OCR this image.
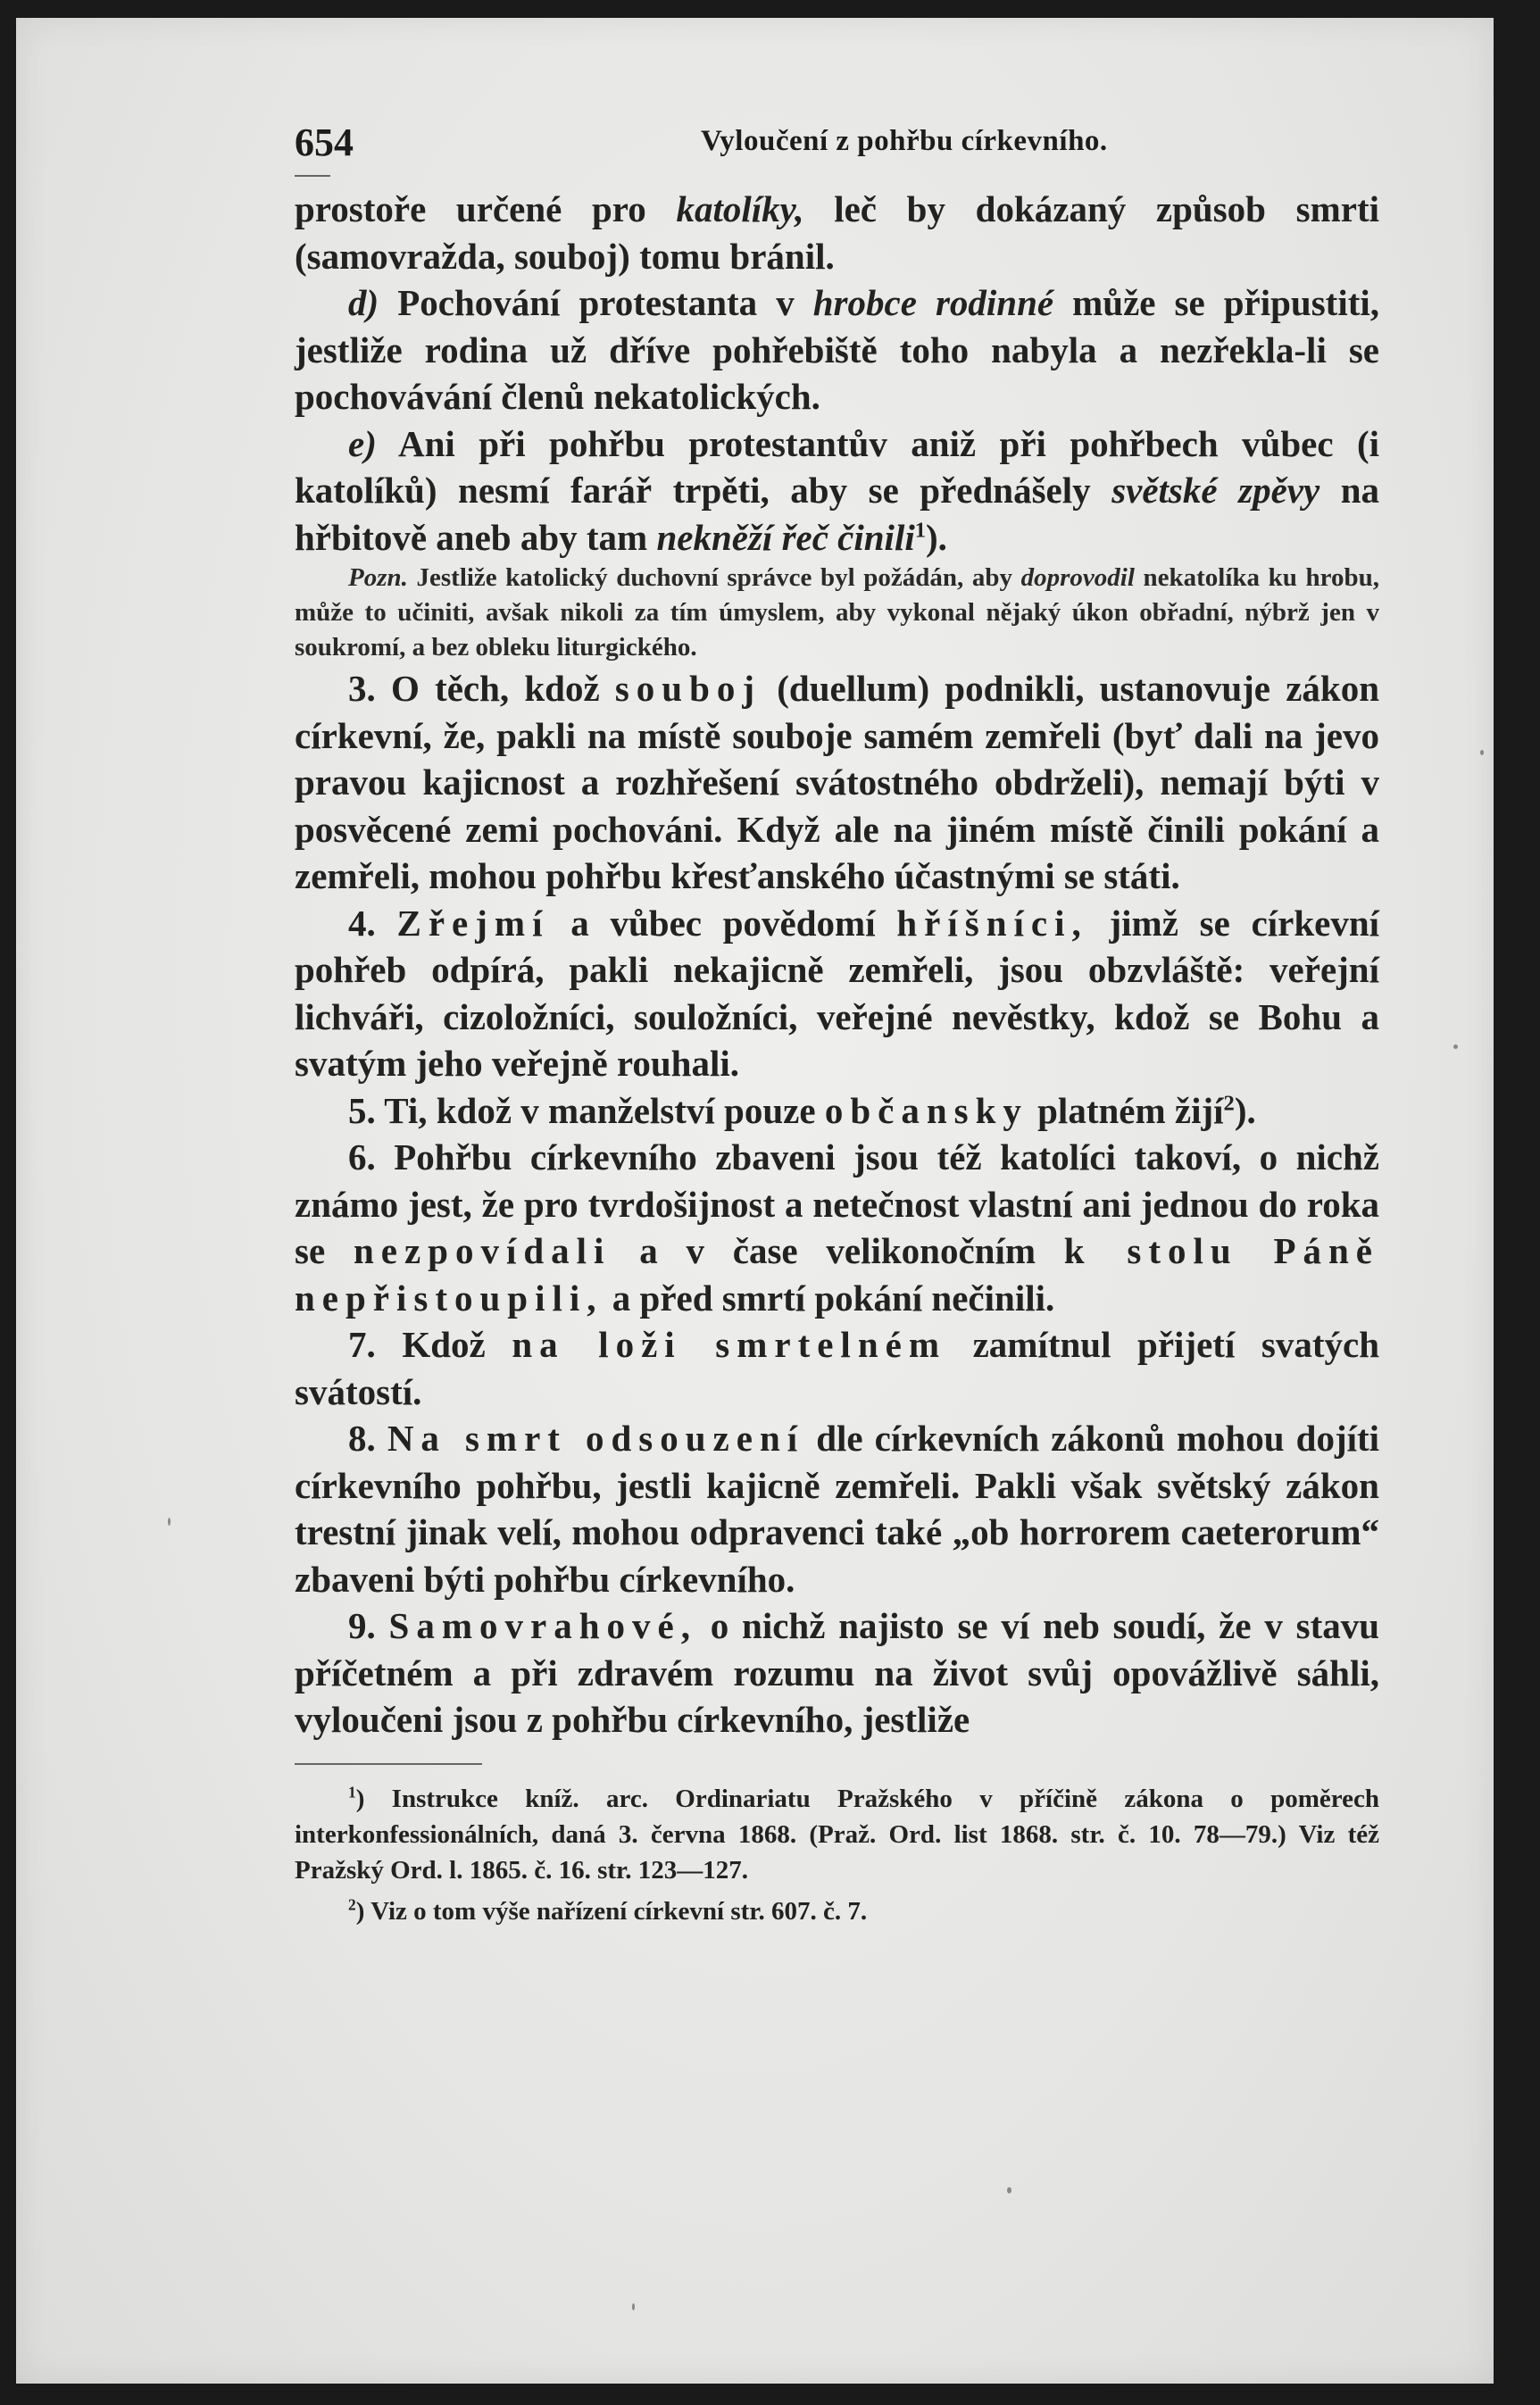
654	Vyloučení z pohřbu církevního.

prostoře určené pro katolíky, leč by dokázaný způsob smrti (samovražda, souboj) tomu bránil.

d) Pochování protestanta v hrobce rodinné může se připustiti, jestliže rodina už dříve pohřebiště toho nabyla a nezřekla-li se pochovávání členů nekatolických.

e) Ani při pohřbu protestantův aniž při pohřbech vůbec (i katolíků) nesmí farář trpěti, aby se přednášely světské zpěvy na hřbitově aneb aby tam nekněží řeč činili$^1$).

Pozn. Jestliže katolický duchovní správce byl požádán, aby doprovodil nekatolíka ku hrobu, může to učiniti, avšak nikoli za tím úmyslem, aby vykonal nějaký úkon obřadní, nýbrž jen v soukromí, a bez obleku liturgického.

3. O těch, kdož souboj (duellum) podnikli, ustanovuje zákon církevní, že, pakli na místě souboje samém zemřeli (byť dali na jevo pravou kajicnost a rozhřešení svátostného obdrželi), nemají býti v posvěcené zemi pochováni. Když ale na jiném místě činili pokání a zemřeli, mohou pohřbu křesťanského účastnými se státi.

4. Zřejmí a vůbec povědomí hříšníci, jimž se církevní pohřeb odpírá, pakli nekajicně zemřeli, jsou obzvláště: veřejní lichváři, cizoložníci, souložníci, veřejné nevěstky, kdož se Bohu a svatým jeho veřejně rouhali.

5. Ti, kdož v manželství pouze občansky platném žijí$^2$).

6. Pohřbu církevního zbaveni jsou též katolíci takoví, o nichž známo jest, že pro tvrdošijnost a netečnost vlastní ani jednou do roka se nezpovídali a v čase velikonočním k stolu Páně nepřistoupili, a před smrtí pokání nečinili.

7. Kdož na loži smrtelném zamítnul přijetí svatých svátostí.

8. Na smrt odsouzení dle církevních zákonů mohou dojíti církevního pohřbu, jestli kajicně zemřeli. Pakli však světský zákon trestní jinak velí, mohou odpravenci také „ob horrorem caeterorum“ zbaveni býti pohřbu církevního.

9. Samovrahové, o nichž najisto se ví neb soudí, že v stavu příčetném a při zdravém rozumu na život svůj opovážlivě sáhli, vyloučeni jsou z pohřbu církevního, jestliže

$^1$) Instrukce kníž. arc. Ordinariatu Pražského v příčině zákona o poměrech interkonfessionálních, daná 3. června 1868. (Praž. Ord. list 1868. str. č. 10. 78—79.) Viz též Pražský Ord. l. 1865. č. 16. str. 123—127.

$^2$) Viz o tom výše nařízení církevní str. 607. č. 7.
